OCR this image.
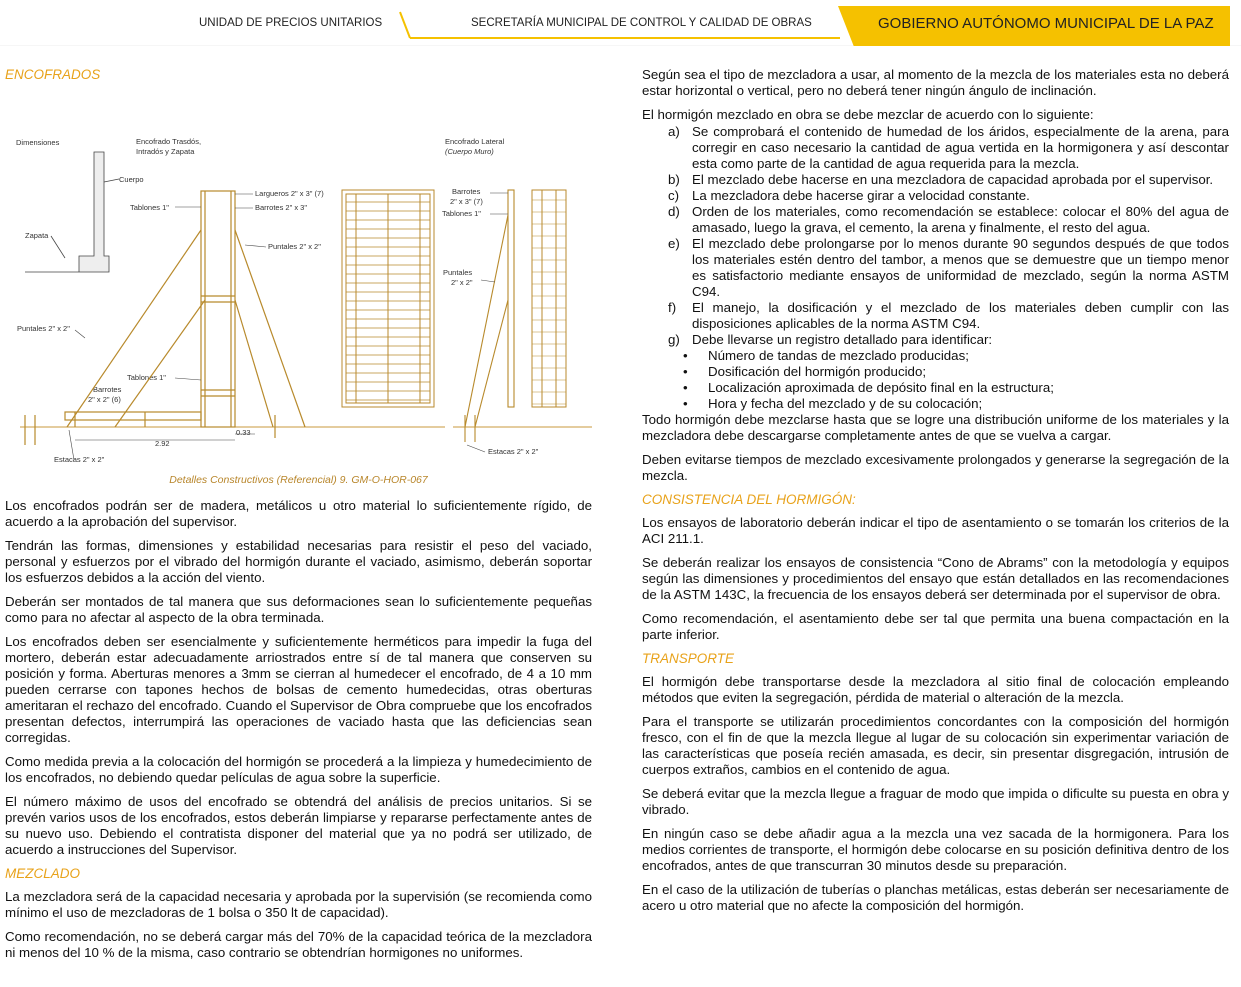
UNIDAD DE PRECIOS UNITARIOS	SECRETARÍA MUNICIPAL DE CONTROL Y CALIDAD DE OBRAS	GOBIERNO AUTÓNOMO MUNICIPAL DE LA PAZ
ENCOFRADOS
Dimensiones	Encofrado Trasdós,
Intradós y Zapata
Encofrado Lateral
(Cuerpo Muro)
Cuerpo
Zapata
Tablones 1"
Largueros 2" x 3" (7)
Barrotes 2" x 3"
Puntales 2" x 2"
Puntales 2" x 2"
Tablones 1"
Barrotes
2" x 2" (6)
2.92
0.33
Estacas 2" x 2"
Barrotes
2" x 3" (7)
Tablones 1"
Puntales
2" x 2"
Estacas 2" x 2"
Detalles Constructivos (Referencial) 9. GM-O-HOR-067

Los encofrados podrán ser de madera, metálicos u otro material lo suficientemente rígido, de acuerdo a la aprobación del supervisor.

Tendrán las formas, dimensiones y estabilidad necesarias para resistir el peso del vaciado, personal y esfuerzos por el vibrado del hormigón durante el vaciado, asimismo, deberán soportar los esfuerzos debidos a la acción del viento.

Deberán ser montados de tal manera que sus deformaciones sean lo suficientemente pequeñas como para no afectar al aspecto de la obra terminada.

Los encofrados deben ser esencialmente y suficientemente herméticos para impedir la fuga del mortero, deberán estar adecuadamente arriostrados entre sí de tal manera que conserven su posición y forma. Aberturas menores a 3mm se cierran al humedecer el encofrado, de 4 a 10 mm pueden cerrarse con tapones hechos de bolsas de cemento humedecidas, otras oberturas ameritaran el rechazo del encofrado. Cuando el Supervisor de Obra compruebe que los encofrados presentan defectos, interrumpirá las operaciones de vaciado hasta que las deficiencias sean corregidas.

Como medida previa a la colocación del hormigón se procederá a la limpieza y humedecimiento de los encofrados, no debiendo quedar películas de agua sobre la superficie.

El número máximo de usos del encofrado se obtendrá del análisis de precios unitarios. Si se prevén varios usos de los encofrados, estos deberán limpiarse y repararse perfectamente antes de su nuevo uso. Debiendo el contratista disponer del material que ya no podrá ser utilizado, de acuerdo a instrucciones del Supervisor.

MEZCLADO

La mezcladora será de la capacidad necesaria y aprobada por la supervisión (se recomienda como mínimo el uso de mezcladoras de 1 bolsa o 350 lt de capacidad).

Como recomendación, no se deberá cargar más del 70% de la capacidad teórica de la mezcladora ni menos del 10 % de la misma, caso contrario se obtendrían hormigones no uniformes.

Según sea el tipo de mezcladora a usar, al momento de la mezcla de los materiales esta no deberá estar horizontal o vertical, pero no deberá tener ningún ángulo de inclinación.

El hormigón mezclado en obra se debe mezclar de acuerdo con lo siguiente:

a) Se comprobará el contenido de humedad de los áridos, especialmente de la arena, para corregir en caso necesario la cantidad de agua vertida en la hormigonera y así descontar esta como parte de la cantidad de agua requerida para la mezcla.
b) El mezclado debe hacerse en una mezcladora de capacidad aprobada por el supervisor.
c) La mezcladora debe hacerse girar a velocidad constante.
d) Orden de los materiales, como recomendación se establece: colocar el 80% del agua de amasado, luego la grava, el cemento, la arena y finalmente, el resto del agua.
e) El mezclado debe prolongarse por lo menos durante 90 segundos después de que todos los materiales estén dentro del tambor, a menos que se demuestre que un tiempo menor es satisfactorio mediante ensayos de uniformidad de mezclado, según la norma ASTM C94.
f) El manejo, la dosificación y el mezclado de los materiales deben cumplir con las disposiciones aplicables de la norma ASTM C94.
g) Debe llevarse un registro detallado para identificar:
• Número de tandas de mezclado producidas;
• Dosificación del hormigón producido;
• Localización aproximada de depósito final en la estructura;
• Hora y fecha del mezclado y de su colocación;

Todo hormigón debe mezclarse hasta que se logre una distribución uniforme de los materiales y la mezcladora debe descargarse completamente antes de que se vuelva a cargar.

Deben evitarse tiempos de mezclado excesivamente prolongados y generarse la segregación de la mezcla.

CONSISTENCIA DEL HORMIGÓN:

Los ensayos de laboratorio deberán indicar el tipo de asentamiento o se tomarán los criterios de la ACI 211.1.

Se deberán realizar los ensayos de consistencia “Cono de Abrams” con la metodología y equipos según las dimensiones y procedimientos del ensayo que están detallados en las recomendaciones de la ASTM 143C, la frecuencia de los ensayos deberá ser determinada por el supervisor de obra.

Como recomendación, el asentamiento debe ser tal que permita una buena compactación en la parte inferior.

TRANSPORTE

El hormigón debe transportarse desde la mezcladora al sitio final de colocación empleando métodos que eviten la segregación, pérdida de material o alteración de la mezcla.

Para el transporte se utilizarán procedimientos concordantes con la composición del hormigón fresco, con el fin de que la mezcla llegue al lugar de su colocación sin experimentar variación de las características que poseía recién amasada, es decir, sin presentar disgregación, intrusión de cuerpos extraños, cambios en el contenido de agua.

Se deberá evitar que la mezcla llegue a fraguar de modo que impida o dificulte su puesta en obra y vibrado.

En ningún caso se debe añadir agua a la mezcla una vez sacada de la hormigonera. Para los medios corrientes de transporte, el hormigón debe colocarse en su posición definitiva dentro de los encofrados, antes de que transcurran 30 minutos desde su preparación.

En el caso de la utilización de tuberías o planchas metálicas, estas deberán ser necesariamente de acero u otro material que no afecte la composición del hormigón.
